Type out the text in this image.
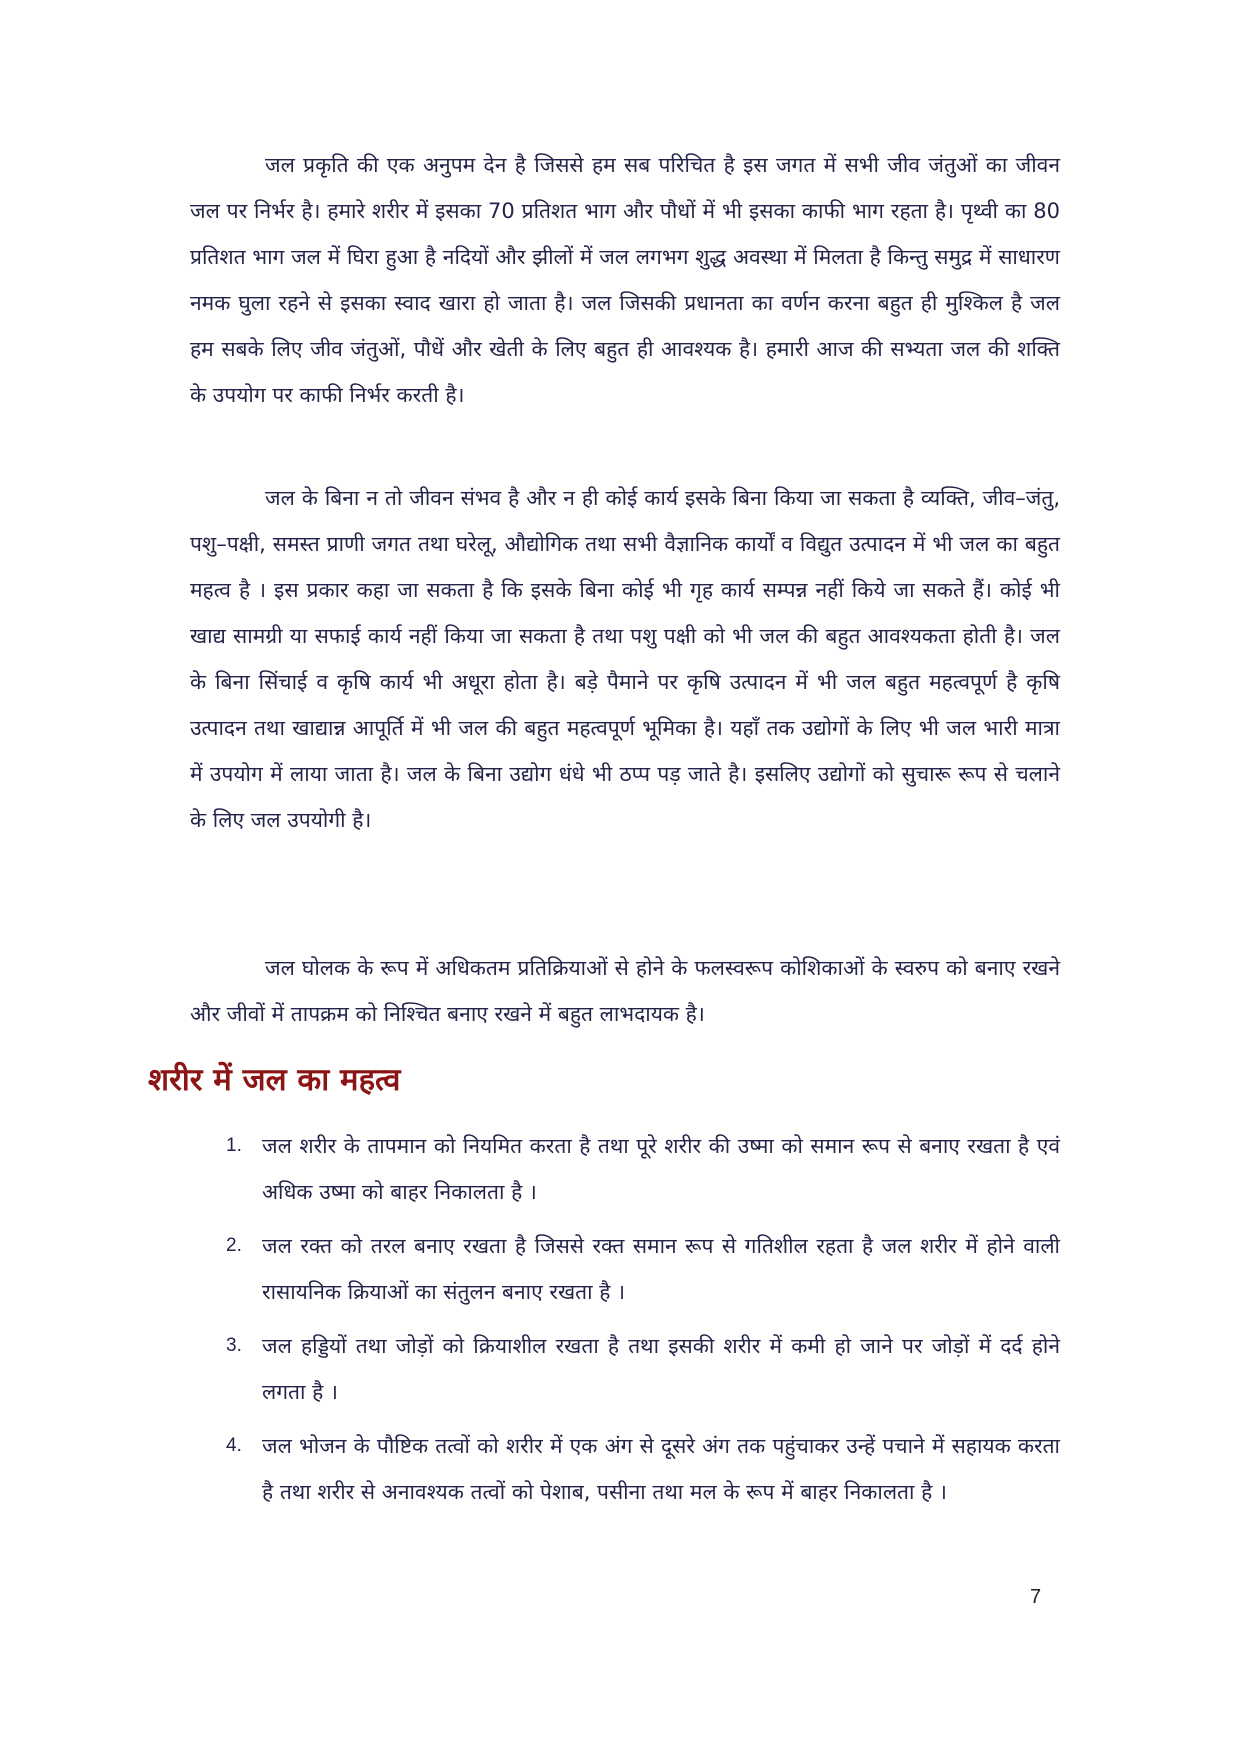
जल प्रकृति की एक अनुपम देन है जिससे हम सब परिचित है इस जगत में सभी जीव जंतुओं का जीवन जल पर निर्भर है। हमारे शरीर में इसका 70 प्रतिशत भाग और पौधों में भी इसका काफी भाग रहता है। पृथ्वी का 80 प्रतिशत भाग जल में घिरा हुआ है नदियों और झीलों में जल लगभग शुद्ध अवस्था में मिलता है किन्तु समुद्र में साधारण नमक घुला रहने से इसका स्वाद खारा हो जाता है। जल जिसकी प्रधानता का वर्णन करना बहुत ही मुश्किल है जल हम सबके लिए जीव जंतुओं, पौधें और खेती के लिए बहुत ही आवश्यक है। हमारी आज की सभ्यता जल की शक्ति के उपयोग पर काफी निर्भर करती है।

जल के बिना न तो जीवन संभव है और न ही कोई कार्य इसके बिना किया जा सकता है व्यक्ति, जीव–जंतु, पशु–पक्षी, समस्त प्राणी जगत तथा घरेलू, औद्योगिक तथा सभी वैज्ञानिक कार्यों व विद्युत उत्पादन में भी जल का बहुत महत्व है । इस प्रकार कहा जा सकता है कि इसके बिना कोई भी गृह कार्य सम्पन्न नहीं किये जा सकते हैं। कोई भी खाद्य सामग्री या सफाई कार्य नहीं किया जा सकता है तथा पशु पक्षी को भी जल की बहुत आवश्यकता होती है। जल के बिना सिंचाई व कृषि कार्य भी अधूरा होता है। बड़े पैमाने पर कृषि उत्पादन में भी जल बहुत महत्वपूर्ण है कृषि उत्पादन तथा खाद्यान्न आपूर्ति में भी जल की बहुत महत्वपूर्ण भूमिका है। यहाँ तक उद्योगों के लिए भी जल भारी मात्रा में उपयोग में लाया जाता है। जल के बिना उद्योग धंधे भी ठप्प पड़ जाते है। इसलिए उद्योगों को सुचारू रूप से चलाने के लिए जल उपयोगी है।

जल घोलक के रूप में अधिकतम प्रतिक्रियाओं से होने के फलस्वरूप कोशिकाओं के स्वरुप को बनाए रखने और जीवों में तापक्रम को निश्चित बनाए रखने में बहुत लाभदायक है।

शरीर में जल का महत्व
1. जल शरीर के तापमान को नियमित करता है तथा पूरे शरीर की उष्मा को समान रूप से बनाए रखता है एवं अधिक उष्मा को बाहर निकालता है ।
2. जल रक्त को तरल बनाए रखता है जिससे रक्त समान रूप से गतिशील रहता है जल शरीर में होने वाली रासायनिक क्रियाओं का संतुलन बनाए रखता है ।
3. जल हड्डियों तथा जोड़ों को क्रियाशील रखता है तथा इसकी शरीर में कमी हो जाने पर जोड़ों में दर्द होने लगता है ।
4. जल भोजन के पौष्टिक तत्वों को शरीर में एक अंग से दूसरे अंग तक पहुंचाकर उन्हें पचाने में सहायक करता है तथा शरीर से अनावश्यक तत्वों को पेशाब, पसीना तथा मल के रूप में बाहर निकालता है ।
7
